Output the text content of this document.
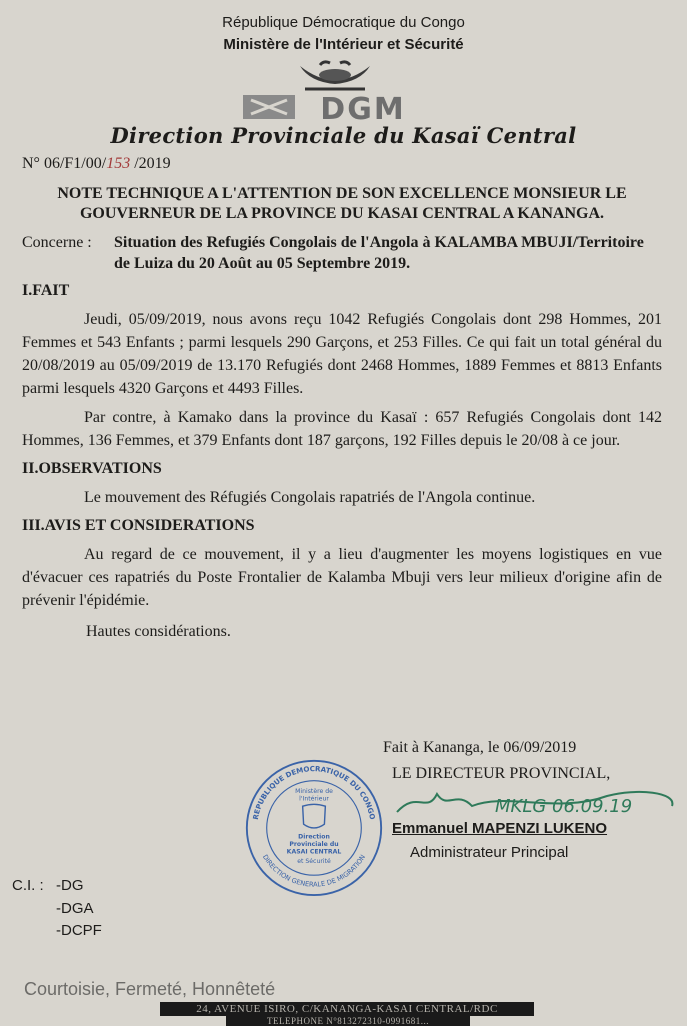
République Démocratique du Congo
Ministère de l'Intérieur et Sécurité
DGM
Direction Provinciale du Kasaï Central
N° 06/F1/00/153 /2019
NOTE TECHNIQUE A L'ATTENTION DE SON EXCELLENCE MONSIEUR LE GOUVERNEUR DE LA PROVINCE DU KASAI CENTRAL A KANANGA.
Concerne :	Situation des Refugiés Congolais de l'Angola à KALAMBA MBUJI/Territoire de Luiza du 20 Août au 05 Septembre 2019.
I.FAIT
Jeudi, 05/09/2019, nous avons reçu 1042 Refugiés Congolais dont 298 Hommes, 201 Femmes et 543 Enfants ; parmi lesquels 290 Garçons, et 253 Filles. Ce qui fait un total général du 20/08/2019 au 05/09/2019 de 13.170 Refugiés dont 2468 Hommes, 1889 Femmes et 8813 Enfants parmi lesquels 4320 Garçons et 4493 Filles.
Par contre, à Kamako dans la province du Kasaï : 657 Refugiés Congolais dont 142 Hommes, 136 Femmes, et 379 Enfants dont 187 garçons, 192 Filles depuis le 20/08 à ce jour.
II.OBSERVATIONS
Le mouvement des Réfugiés Congolais rapatriés de l'Angola continue.
III.AVIS ET CONSIDERATIONS
Au regard de ce mouvement, il y a lieu d'augmenter les moyens logistiques en vue d'évacuer ces rapatriés du Poste Frontalier de Kalamba Mbuji vers leur milieux d'origine afin de prévenir l'épidémie.
Hautes considérations.
Fait à Kananga, le 06/09/2019
LE DIRECTEUR PROVINCIAL,
MKLG 06.09.19
Emmanuel MAPENZI LUKENO
Administrateur Principal
REPUBLIQUE DEMOCRATIQUE DU CONGO
DIRECTION GENERALE DE MIGRATION
Ministère de l'Intérieur
Direction Provinciale du KASAI CENTRAL
et Sécurité
C.I. : -DG
-DGA
-DCPF
Courtoisie, Fermeté, Honnêteté
24, AVENUE ISIRO, C/KANANGA-KASAI CENTRAL/RDC
TELEPHONE N°813272310-0991681...
